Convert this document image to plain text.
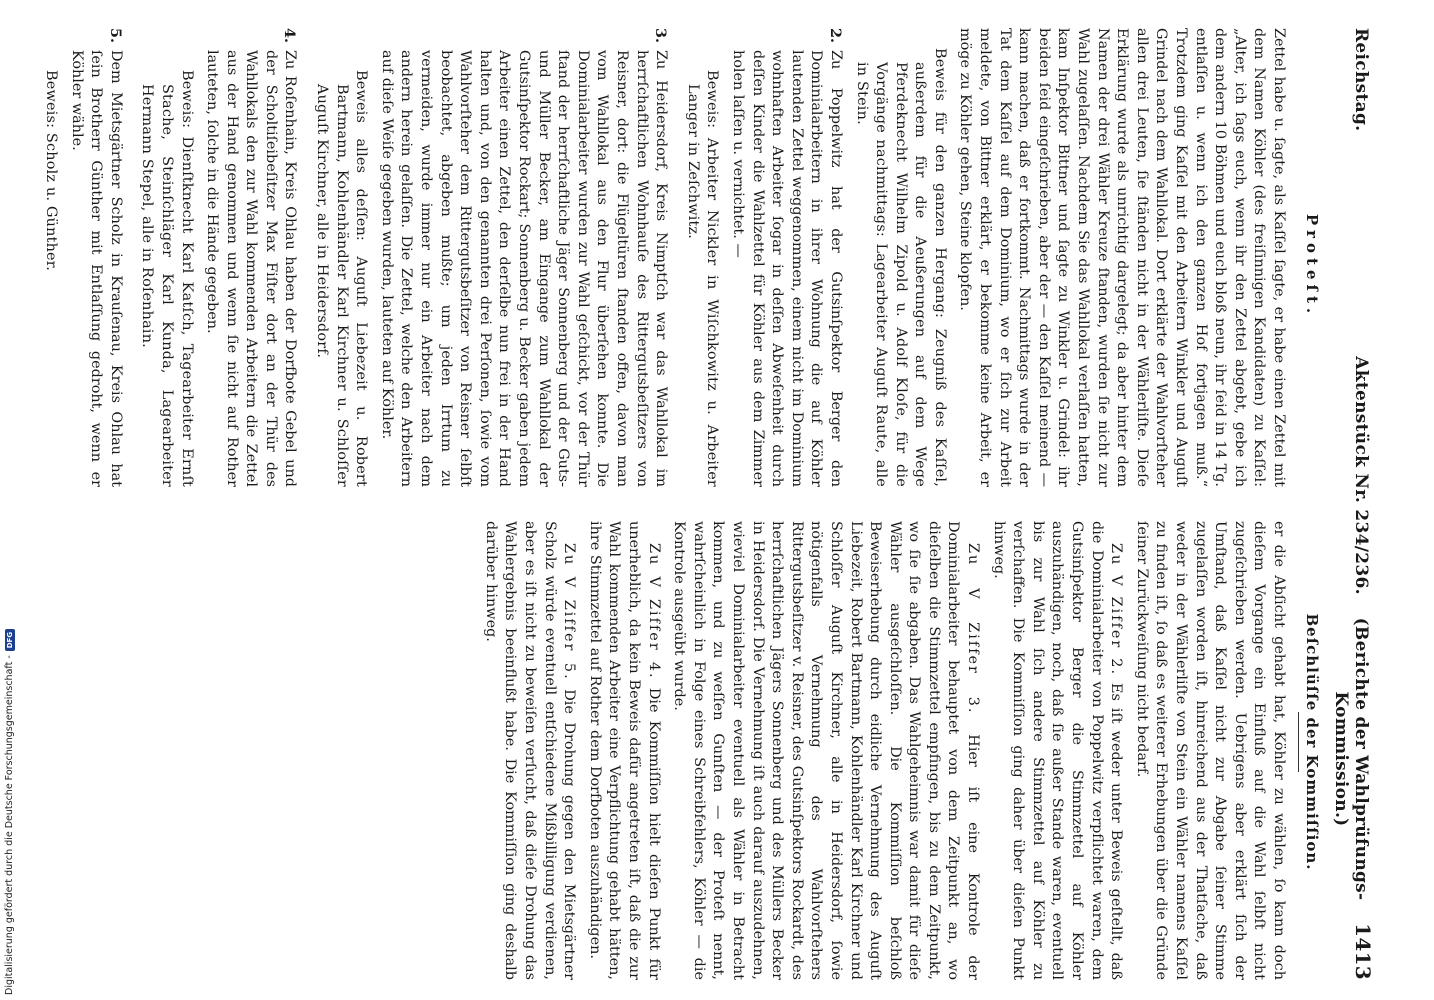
Reichstag.
Aktenstück Nr. 234/236.
(Berichte der Wahlprüfungs-Kommission.)
1413
Proteſt.
Beſchlüſſe der Kommiſſion.

Zettel habe u. ſagte, als Kaſſel ſagte, er habe einen Zettel mit dem Namen Köhler (des freiſinnigen Kandidaten) zu Kaſſel: „Alter, ich ſags euch, wenn ihr den Zettel abgebt, gebe ich dem andern 10 Böhmen und euch bloß neun, ihr ſeid in 14 Tg. entlaſſen u. wenn ich den ganzen Hof fortjagen muß.“ Trotzdem ging Kaſſel mit den Arbeitern Winkler und Auguſt Grindel nach dem Wahllokal. Dort erklärte der Wahlvorſteher allen drei Leuten, ſie ſtänden nicht in der Wählerliſte. Dieſe Erklärung wurde als unrichtig dargelegt; da aber hinter dem Namen der drei Wähler Kreuze ſtanden, wurden ſie nicht zur Wahl zugelaſſen. Nachdem Sie das Wahllokal verlaſſen hatten, kam Inſpektor Bittner und ſagte zu Winkler u. Grindel: ihr beiden ſeid eingeſchrieben, aber der — den Kaſſel meinend — kann machen, daß er fortkommt. Nachmittags wurde in der Tat dem Kaſſel auf dem Dominium, wo er ſich zur Arbeit meldete, von Bittner erklärt, er bekomme keine Arbeit, er möge zu Köhler gehen, Steine klopfen.

Beweis für den ganzen Hergang: Zeugniß des Kaſſel, außerdem für die Aeußerungen auf dem Wege Pferdeknecht Wilhelm Zipold u. Adolf Kloſe, für die Vorgänge nachmittags: Lagearbeiter Auguſt Raute, alle in Stein.

2.

Zu Poppelwitz hat der Gutsinſpektor Berger den Dominialarbeitern in ihrer Wohnung die auf Köhler lautenden Zettel weggenommen, einem nicht im Dominium wohnhaften Arbeiter ſogar in deſſen Abweſenheit durch deſſen Kinder die Wahlzettel für Köhler aus dem Zimmer holen laſſen u. vernichtet. —

Beweis: Arbeiter Nickler in Wiſchkowitz u. Arbeiter Langer in Zeſchwitz.

3.

Zu Heidersdorf, Kreis Nimptſch war das Wahllokal im herrſchaftlichen Wohnhauſe des Rittergutsbeſitzers von Reisner, dort: die Flügeltüren ſtanden offen, davon man vom Wahllokal aus den Flur überſehen konnte. Die Dominialarbeiter wurden zur Wahl geſchickt, vor der Thür ſtand der herrſchaftliche Jäger Sonnenberg und der Guts- und Müller Becker, am Eingange zum Wahllokal der Gutsinſpektor Rockart; Sonnenberg u. Becker gaben jedem Arbeiter einen Zettel, den derſelbe nun frei in der Hand halten und, von den genannten drei Perſonen, ſowie vom Wahlvorſteher dem Rittergutsbeſitzer von Reisner ſelbſt beobachtet, abgeben mußte; um jeden Irrtum zu vermeiden, wurde immer nur ein Arbeiter nach dem andern herein gelaſſen. Die Zettel, welche den Arbeitern auf dieſe Weiſe gegeben wurden, lauteten auf Köhler.

Beweis alles deſſen: Auguſt Liebezeit u. Robert Bartmann, Kohlenhändler Karl Kirchner u. Schloſſer Auguſt Kirchner, alle in Heidersdorf.

4.

Zu Roſenhain, Kreis Ohlau haben der Dorfbote Gebel und der Scholtiſeibeſitzer Max Fiſter dort an der Thür des Wahllokals den zur Wahl kommenden Arbeitern die Zettel aus der Hand genommen und wenn ſie nicht auf Rother lauteten, ſolche in die Hände gegeben.

Beweis: Dienſtknecht Karl Katſch, Tagearbeiter Ernſt Stache, Steinſchläger Karl Kunda, Lagearbeiter Hermann Stepel, alle in Roſenhain.

5.

Dem Mietsgärtner Scholz in Krauſenau, Kreis Ohlau hat ſein Brotherr Günther mit Entlaſſung gedroht, wenn er Köhler wähle.

Beweis: Scholz u. Günther.

er die Abſicht gehabt hat, Köhler zu wählen, ſo kann doch dieſem Vorgange ein Einfluß auf die Wahl ſelbſt nicht zugeſchrieben werden. Uebrigens aber erklärt ſich der Umſtand, daß Kaſſel nicht zur Abgabe ſeiner Stimme zugelaſſen worden iſt, hinreichend aus der Thatſache, daß weder in der Wählerliſte von Stein ein Wähler namens Kaſſel zu finden iſt, ſo daß es weiterer Erhebungen über die Gründe ſeiner Zurückweiſung nicht bedarf.

Zu V Ziffer 2. Es iſt weder unter Beweis geſtellt, daß die Dominialarbeiter von Poppelwitz verpflichtet waren, dem Gutsinſpektor Berger die Stimmzettel auf Köhler auszuhändigen, noch, daß ſie außer Stande waren, eventuell bis zur Wahl ſich andere Stimmzettel auf Köhler zu verſchaffen. Die Kommiſſion ging daher über dieſen Punkt hinweg.

Zu V Ziffer 3. Hier iſt eine Kontrole der Dominialarbeiter behauptet von dem Zeitpunkt an, wo dieſelben die Stimmzettel empfingen, bis zu dem Zeitpunkt, wo ſie ſie abgaben. Das Wahlgeheimnis war damit für dieſe Wähler ausgeſchloſſen. Die Kommiſſion beſchloß Beweiserhebung durch eidliche Vernehmung des Auguſt Liebezeit, Robert Bartmann, Kohlenhändler Karl Kirchner und Schloſſer Auguſt Kirchner, alle in Heidersdorf, ſowie nötigenfalls Vernehmung des Wahlvorſtehers Rittergutsbeſitzer v. Reisner, des Gutsinſpektors Rockardt, des herrſchaftlichen Jägers Sonnenberg und des Müllers Becker in Heidersdorf. Die Vernehmung iſt auch darauf auszudehnen, wieviel Dominialarbeiter eventuell als Wähler in Betracht kommen, und zu weſſen Gunſten — der Proteſt nennt, wahrſcheinlich in Folge eines Schreibfehlers, Köhler — die Kontrole ausgeübt wurde.

Zu V Ziffer 4. Die Kommiſſion hielt dieſen Punkt für unerheblich, da kein Beweis dafür angetreten iſt, daß die zur Wahl kommenden Arbeiter eine Verpflichtung gehabt hätten, ihre Stimmzettel auf Rother dem Dorfboten auszuhändigen.

Zu V Ziffer 5. Die Drohung gegen den Mietsgärtner Scholz würde eventuell entſchiedene Mißbilligung verdienen, aber es iſt nicht zu beweiſen verſucht, daß dieſe Drohung das Wahlergebnis beeinflußt habe. Die Kommiſſion ging deshalb darüber hinweg.

Digitalisierung gefördert durch die Deutsche Forschungsgemeinschaft -
DFG
